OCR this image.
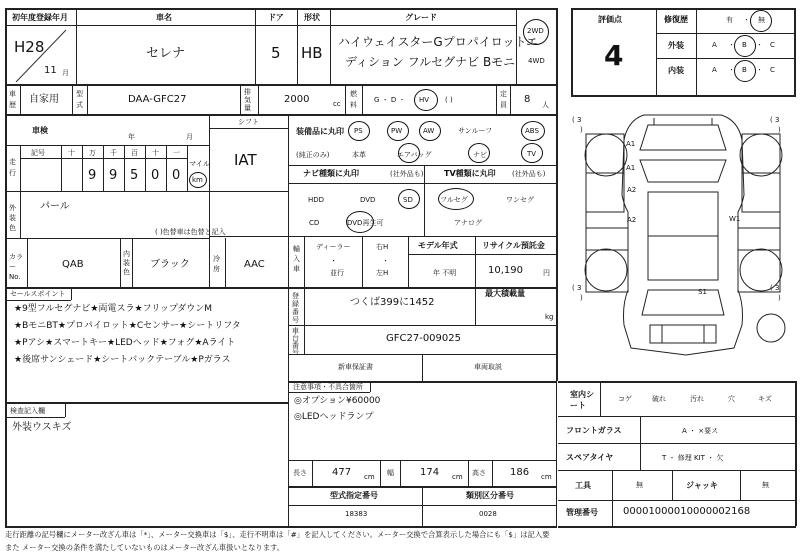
初年度登録年月
H28
11 月
車名
セレナ
ドア
5
形状
HB
グレード
ハイウェイスターGプロパイロットエ
ディション フルセグナビ Bモニ
2WD
4WD
車歴 自家用 型式	DAA-GFC27
排気量
2000	cc
燃料
G ・ D ・ HV ( )
定員 8 人
車検
年	月
シフト
IAT
走行
記号	十 万 千 百 十 一
9 9 5 0 0
マイル
km
装備品に丸印
(純正のみ)
PS	PW	AW	サンルーフ	ABS
本革	エアバッグ	ナビ	TV
ナビ種類に丸印	(社外品も)	TV種類に丸印 (社外品も)
HDD	DVD	SD
CD	DVD再生可
フルセグ	ワンセグ
アナログ
外装色
パール
( )色替車は色替と記入
カラーNo.
QAB
内装色
ブラック	冷房 AAC
輸入車
ディーラー
・
並行
右H
・
左H
モデル年式
年 不明
リサイクル預託金
10,190	円
セールスポイント
★9型フルセグナビ★両電スラ★フリップダウンM
★BモニBT★プロパイロット★Cセンサー★シートリフタ
★Pアシ★スマートキー★LEDヘッド★フォグ★Aライト
★後席サンシェード★シートバックテーブル★Pガラス
検査記入欄
外装ウスキズ
登録番号
つくば399に1452
最大積載量
kg
車台番号
GFC27-009025
新車保証書	車両取説
注意事項・不具合箇所
◎オプション¥60000
◎LEDヘッドランプ
長さ	477 cm 幅	174 cm 高さ 186 cm
型式指定番号
18383
類別区分番号
0028
評価点
4
修復歴	有 ・ 無
外装	A ・ B ・ C
内装	A ・ B ・ C
( 3
)
( 3
)
( 3
)
( 3
)
A1
A1
A2
A2	W1
S1
室内シート
コゲ	破れ	汚れ	穴	キズ
フロントガラス	A ・ ×要ス
スペアタイヤ	T ・ 修理 KIT ・ 欠
工具	無	ジャッキ	無
管理番号	00001000010000002168
走行距離の記号欄にメーター改ざん車は「*」、メーター交換車は「$」、走行不明車は「#」を記入してください。メーター交換で合算表示した場合にも「$」は記入要
また メーター交換の条件を満たしていないものはメーター改ざん車扱いとなります。
